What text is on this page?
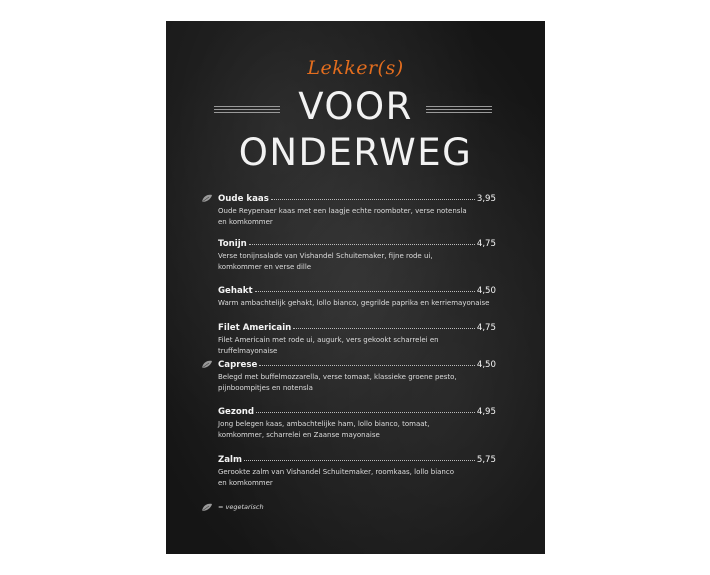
Lekker(s)
VOOR
ONDERWEG
Oude kaas	3,95
Oude Reypenaer kaas met een laagje echte roomboter, verse notensla
en komkommer
Tonijn	4,75
Verse tonijnsalade van Vishandel Schuitemaker, fijne rode ui,
komkommer en verse dille
Gehakt	4,50
Warm ambachtelijk gehakt, lollo bianco, gegrilde paprika en kerriemayonaise
Filet Americain	4,75
Filet Americain met rode ui, augurk, vers gekookt scharrelei en truffelmayonaise
Caprese	4,50
Belegd met buffelmozzarella, verse tomaat, klassieke groene pesto,
pijnboompitjes en notensla
Gezond	4,95
Jong belegen kaas, ambachtelijke ham, lollo bianco, tomaat,
komkommer, scharrelei en Zaanse mayonaise
Zalm	5,75
Gerookte zalm van Vishandel Schuitemaker, roomkaas, lollo bianco
en komkommer
= vegetarisch
